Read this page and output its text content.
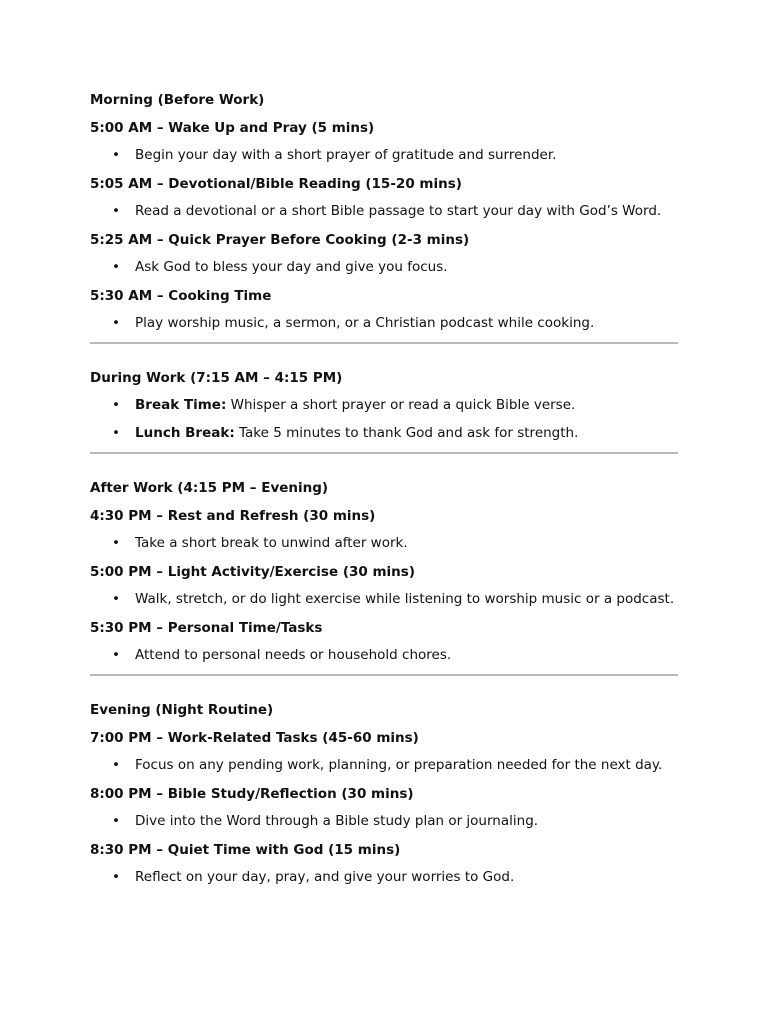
Morning (Before Work)

5:00 AM – Wake Up and Pray (5 mins)

• Begin your day with a short prayer of gratitude and surrender.

5:05 AM – Devotional/Bible Reading (15-20 mins)

• Read a devotional or a short Bible passage to start your day with God’s Word.

5:25 AM – Quick Prayer Before Cooking (2-3 mins)

• Ask God to bless your day and give you focus.

5:30 AM – Cooking Time

• Play worship music, a sermon, or a Christian podcast while cooking.

During Work (7:15 AM – 4:15 PM)

• Break Time: Whisper a short prayer or read a quick Bible verse.
• Lunch Break: Take 5 minutes to thank God and ask for strength.

After Work (4:15 PM – Evening)

4:30 PM – Rest and Refresh (30 mins)

• Take a short break to unwind after work.

5:00 PM – Light Activity/Exercise (30 mins)

• Walk, stretch, or do light exercise while listening to worship music or a podcast.

5:30 PM – Personal Time/Tasks

• Attend to personal needs or household chores.

Evening (Night Routine)

7:00 PM – Work-Related Tasks (45-60 mins)

• Focus on any pending work, planning, or preparation needed for the next day.

8:00 PM – Bible Study/Reflection (30 mins)

• Dive into the Word through a Bible study plan or journaling.

8:30 PM – Quiet Time with God (15 mins)

• Reflect on your day, pray, and give your worries to God.
